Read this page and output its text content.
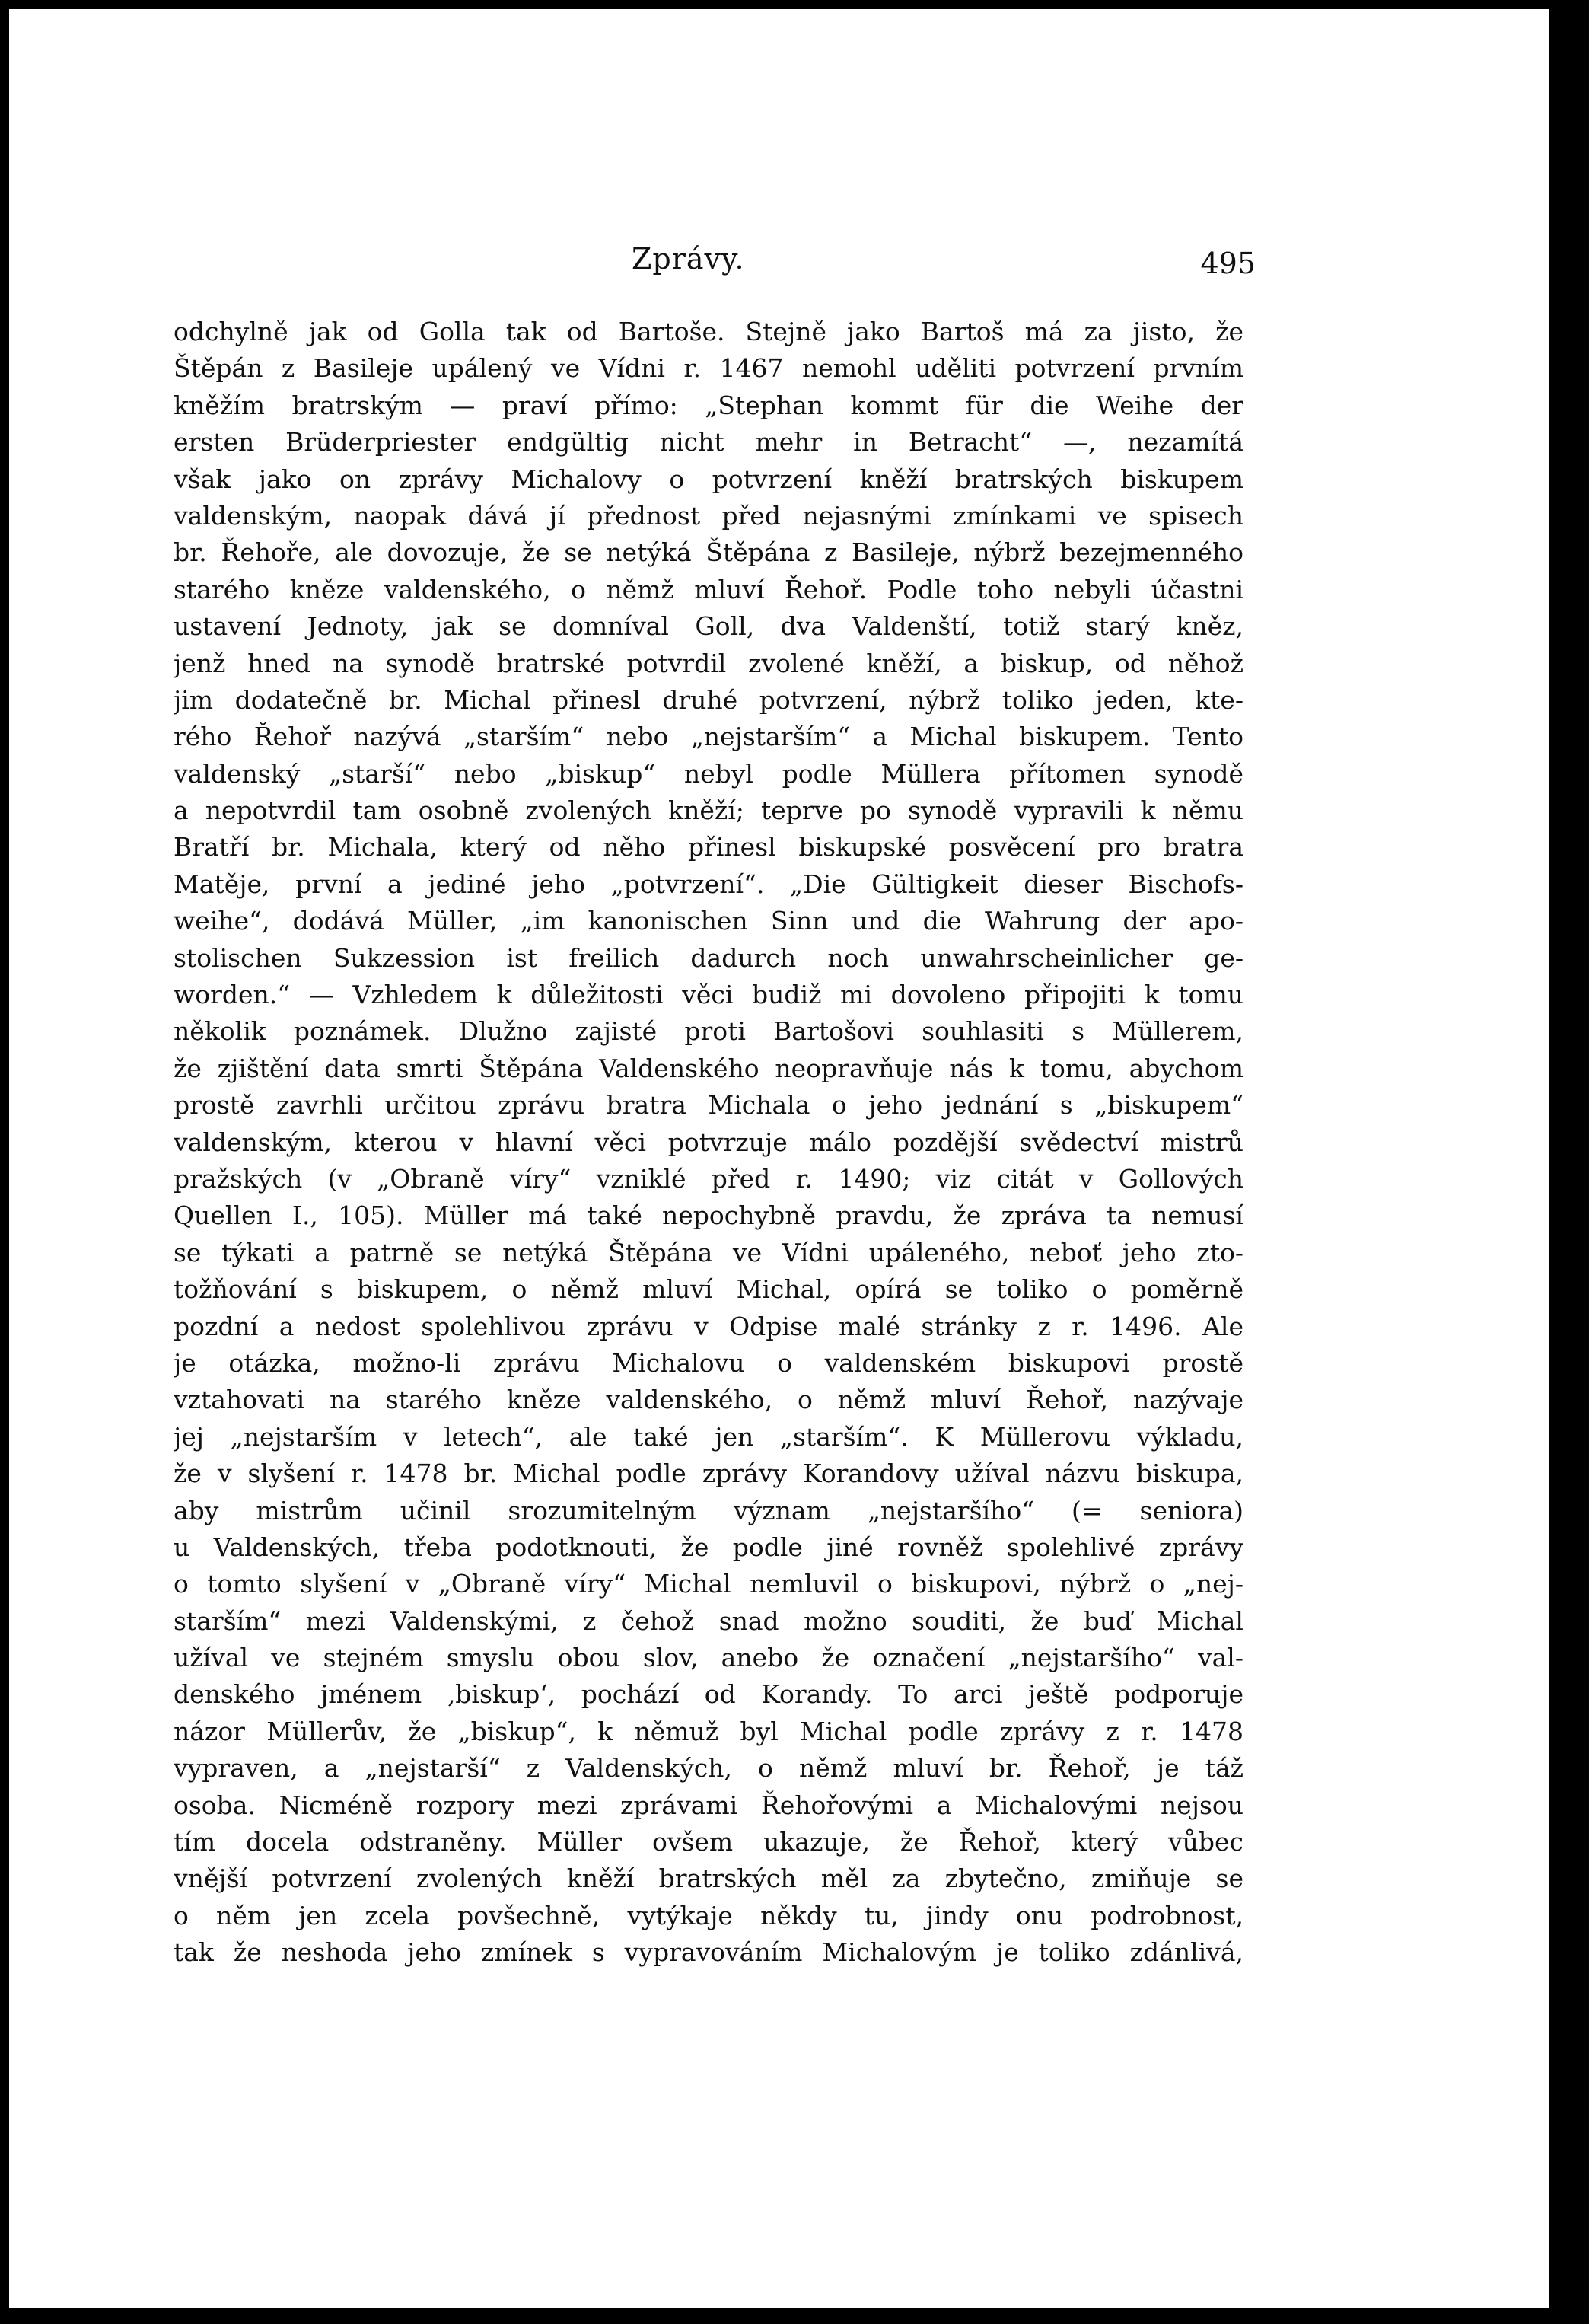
Zprávy.	495
odchylně jak od Golla tak od Bartoše. Stejně jako Bartoš má za jisto, že
Štěpán z Basileje upálený ve Vídni r. 1467 nemohl uděliti potvrzení prvním
kněžím bratrským — praví přímo: „Stephan kommt für die Weihe der
ersten Brüderpriester endgültig nicht mehr in Betracht“ —, nezamítá
však jako on zprávy Michalovy o potvrzení kněží bratrských biskupem
valdenským, naopak dává jí přednost před nejasnými zmínkami ve spisech
br. Řehoře, ale dovozuje, že se netýká Štěpána z Basileje, nýbrž bezejmenného
starého kněze valdenského, o němž mluví Řehoř. Podle toho nebyli účastni
ustavení Jednoty, jak se domníval Goll, dva Valdenští, totiž starý kněz,
jenž hned na synodě bratrské potvrdil zvolené kněží, a biskup, od něhož
jim dodatečně br. Michal přinesl druhé potvrzení, nýbrž toliko jeden, kte-
rého Řehoř nazývá „starším“ nebo „nejstarším“ a Michal biskupem. Tento
valdenský „starší“ nebo „biskup“ nebyl podle Müllera přítomen synodě
a nepotvrdil tam osobně zvolených kněží; teprve po synodě vypravili k němu
Bratří br. Michala, který od něho přinesl biskupské posvěcení pro bratra
Matěje, první a jediné jeho „potvrzení“. „Die Gültigkeit dieser Bischofs-
weihe“, dodává Müller, „im kanonischen Sinn und die Wahrung der apo-
stolischen Sukzession ist freilich dadurch noch unwahrscheinlicher ge-
worden.“ — Vzhledem k důležitosti věci budiž mi dovoleno připojiti k tomu
několik poznámek. Dlužno zajisté proti Bartošovi souhlasiti s Müllerem,
že zjištění data smrti Štěpána Valdenského neopravňuje nás k tomu, abychom
prostě zavrhli určitou zprávu bratra Michala o jeho jednání s „biskupem“
valdenským, kterou v hlavní věci potvrzuje málo pozdější svědectví mistrů
pražských (v „Obraně víry“ vzniklé před r. 1490; viz citát v Gollových
Quellen I., 105). Müller má také nepochybně pravdu, že zpráva ta nemusí
se týkati a patrně se netýká Štěpána ve Vídni upáleného, neboť jeho zto-
tožňování s biskupem, o němž mluví Michal, opírá se toliko o poměrně
pozdní a nedost spolehlivou zprávu v Odpise malé stránky z r. 1496. Ale
je otázka, možno-li zprávu Michalovu o valdenském biskupovi prostě
vztahovati na starého kněze valdenského, o němž mluví Řehoř, nazývaje
jej „nejstarším v letech“, ale také jen „starším“. K Müllerovu výkladu,
že v slyšení r. 1478 br. Michal podle zprávy Korandovy užíval názvu biskupa,
aby mistrům učinil srozumitelným význam „nejstaršího“ (= seniora)
u Valdenských, třeba podotknouti, že podle jiné rovněž spolehlivé zprávy
o tomto slyšení v „Obraně víry“ Michal nemluvil o biskupovi, nýbrž o „nej-
starším“ mezi Valdenskými, z čehož snad možno souditi, že buď Michal
užíval ve stejném smyslu obou slov, anebo že označení „nejstaršího“ val-
denského jménem ‚biskup‘, pochází od Korandy. To arci ještě podporuje
názor Müllerův, že „biskup“, k němuž byl Michal podle zprávy z r. 1478
vypraven, a „nejstarší“ z Valdenských, o němž mluví br. Řehoř, je táž
osoba. Nicméně rozpory mezi zprávami Řehořovými a Michalovými nejsou
tím docela odstraněny. Müller ovšem ukazuje, že Řehoř, který vůbec
vnější potvrzení zvolených kněží bratrských měl za zbytečno, zmiňuje se
o něm jen zcela povšechně, vytýkaje někdy tu, jindy onu podrobnost,
tak že neshoda jeho zmínek s vypravováním Michalovým je toliko zdánlivá,
